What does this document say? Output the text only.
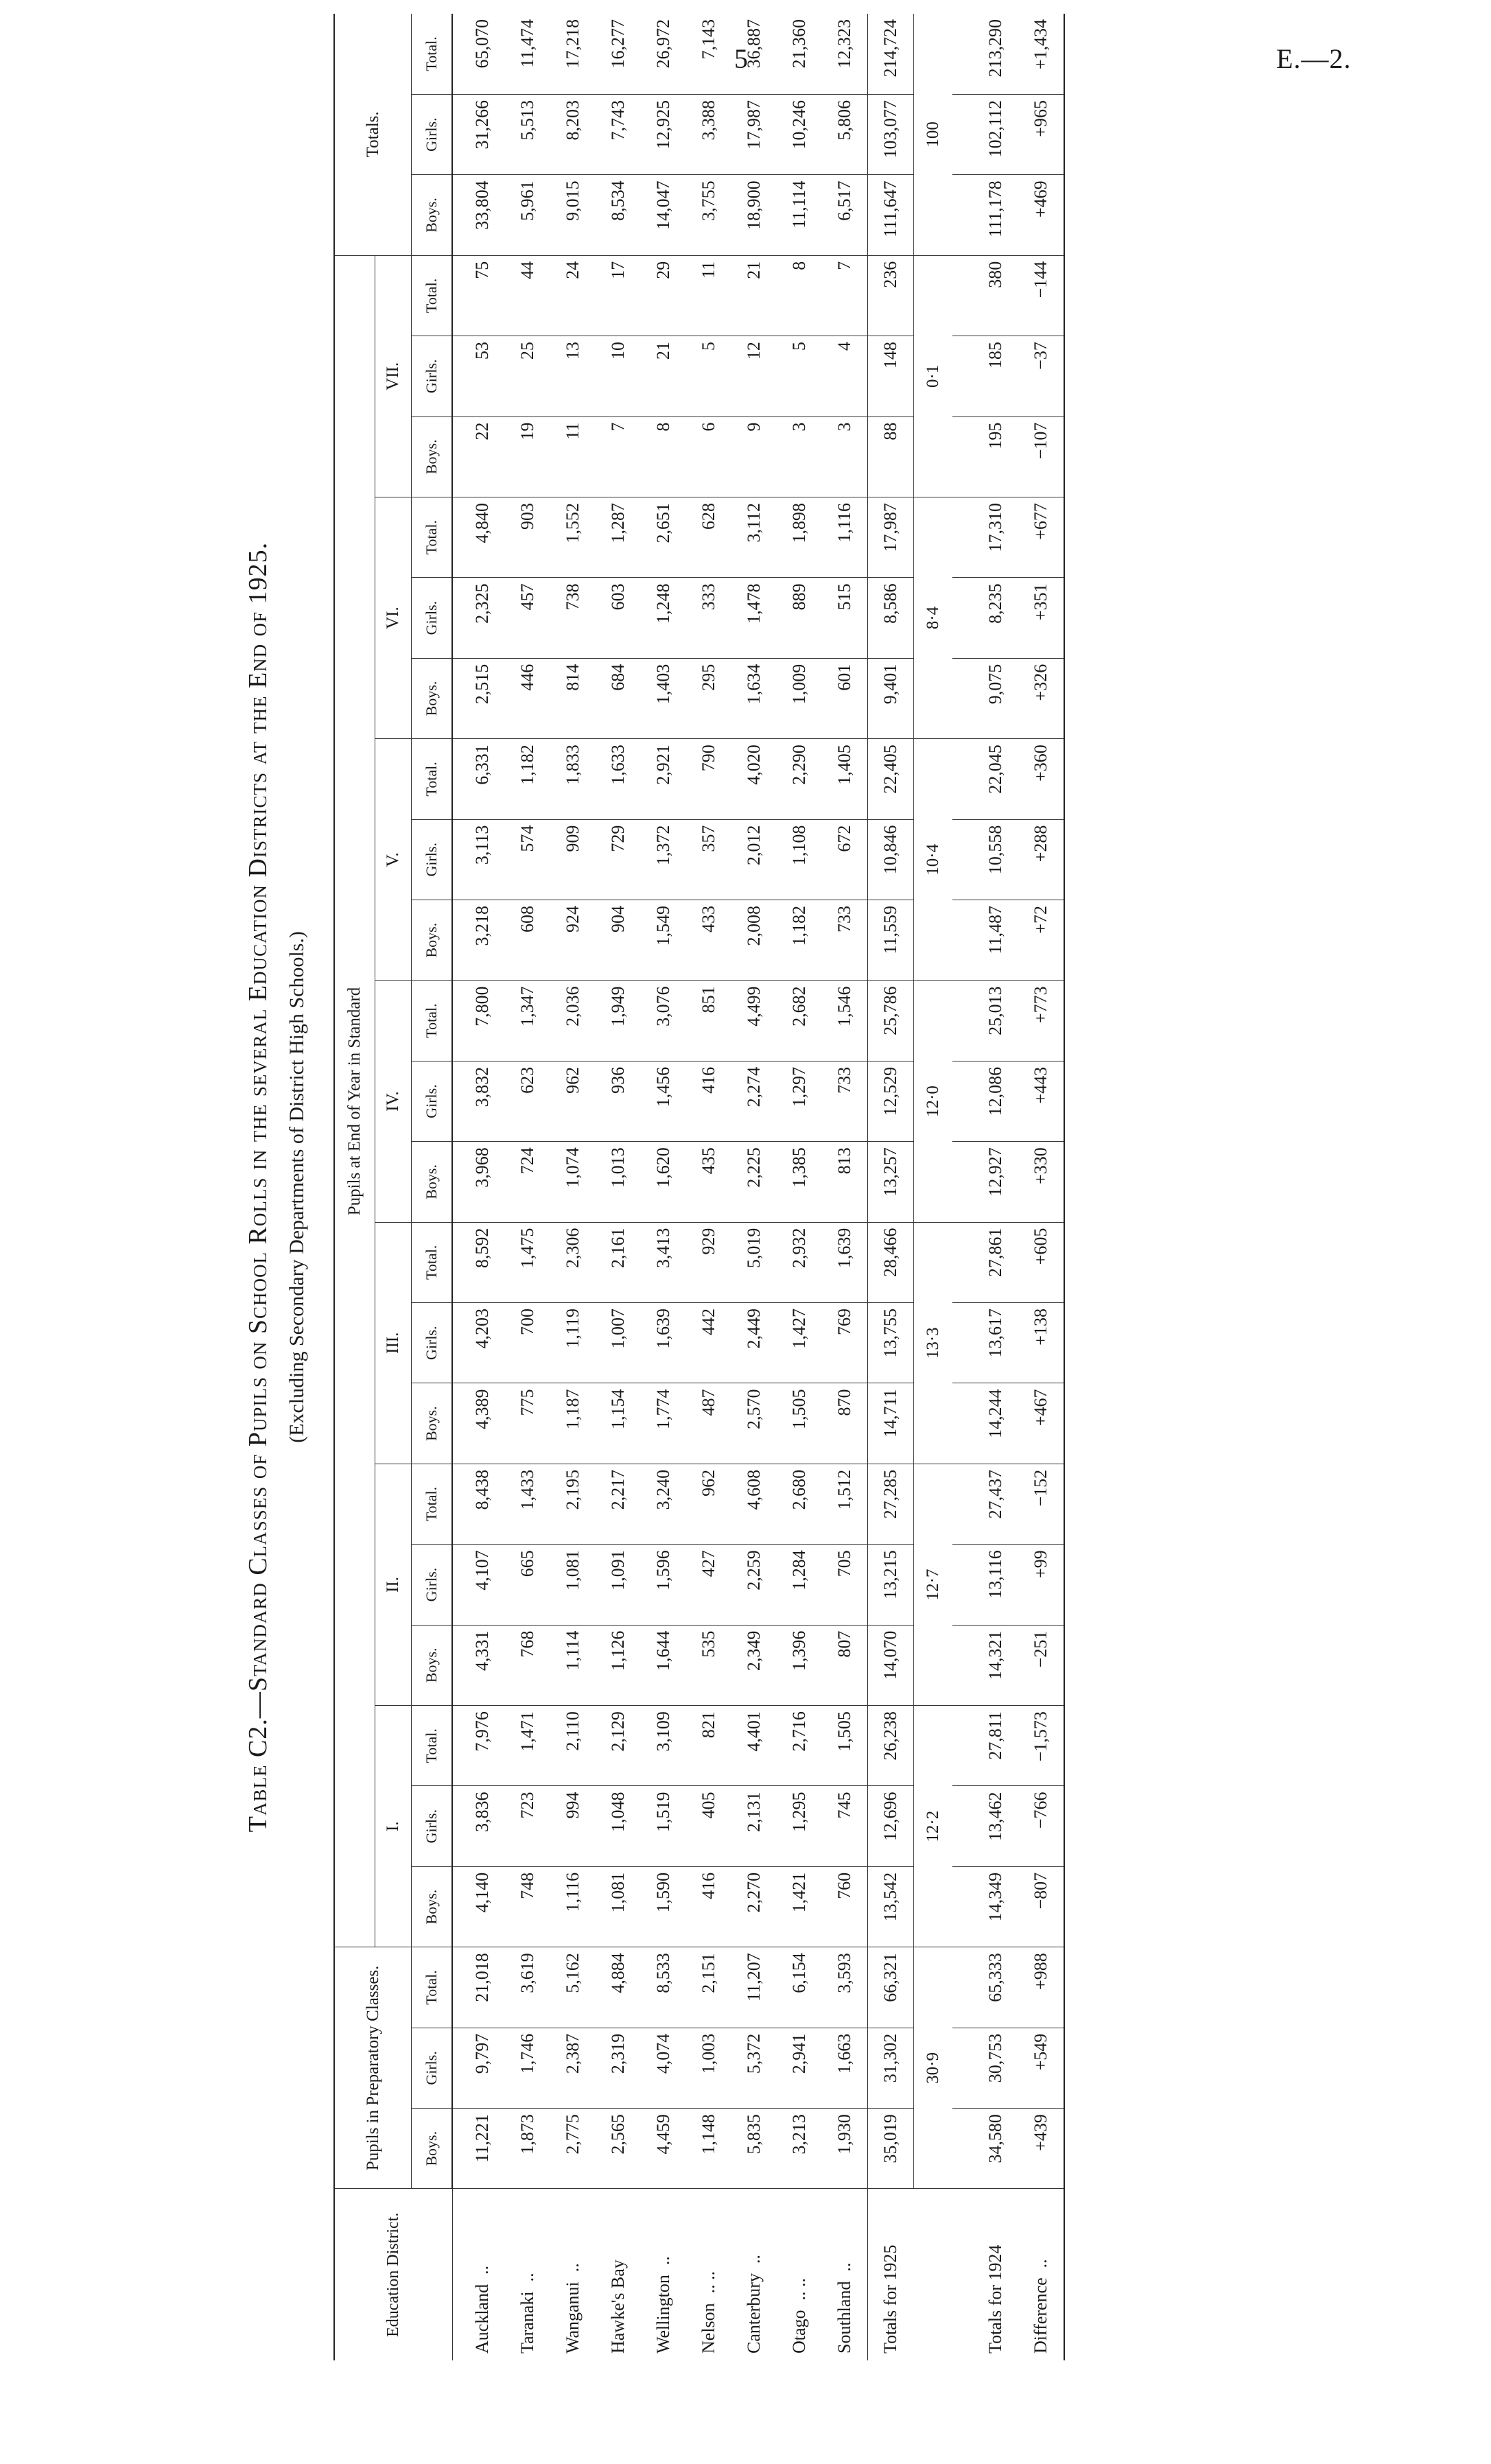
5	E.—2.
Table C2.—Standard Classes of Pupils on School Rolls in the several Education Districts at the End of 1925. (Excluding Secondary Departments of District High Schools.)
Education District.	Pupils in Preparatory Classes.			Pupils at End of Year in Standard																					Totals.		
				I.			II.			III.			IV.			V.			VI.			VII.					
	Boys.	Girls.	Total.	Boys.	Girls.	Total.	Boys.	Girls.	Total.	Boys.	Girls.	Total.	Boys.	Girls.	Total.	Boys.	Girls.	Total.	Boys.	Girls.	Total.	Boys.	Girls.	Total.	Boys.	Girls.	Total.
Auckland..	11,221	9,797	21,018	4,140	3,836	7,976	4,331	4,107	8,438	4,389	4,203	8,592	3,968	3,832	7,800	3,218	3,113	6,331	2,515	2,325	4,840	22	53	75	33,804	31,266	65,070
Taranaki..	1,873	1,746	3,619	748	723	1,471	768	665	1,433	775	700	1,475	724	623	1,347	608	574	1,182	446	457	903	19	25	44	5,961	5,513	11,474
Wanganui..	2,775	2,387	5,162	1,116	994	2,110	1,114	1,081	2,195	1,187	1,119	2,306	1,074	962	2,036	924	909	1,833	814	738	1,552	11	13	24	9,015	8,203	17,218
Hawke's Bay	2,565	2,319	4,884	1,081	1,048	2,129	1,126	1,091	2,217	1,154	1,007	2,161	1,013	936	1,949	904	729	1,633	684	603	1,287	7	10	17	8,534	7,743	16,277
Wellington..	4,459	4,074	8,533	1,590	1,519	3,109	1,644	1,596	3,240	1,774	1,639	3,413	1,620	1,456	3,076	1,549	1,372	2,921	1,403	1,248	2,651	8	21	29	14,047	12,925	26,972
Nelson.. ..	1,148	1,003	2,151	416	405	821	535	427	962	487	442	929	435	416	851	433	357	790	295	333	628	6	5	11	3,755	3,388	7,143
Canterbury..	5,835	5,372	11,207	2,270	2,131	4,401	2,349	2,259	4,608	2,570	2,449	5,019	2,225	2,274	4,499	2,008	2,012	4,020	1,634	1,478	3,112	9	12	21	18,900	17,987	36,887
Otago.. ..	3,213	2,941	6,154	1,421	1,295	2,716	1,396	1,284	2,680	1,505	1,427	2,932	1,385	1,297	2,682	1,182	1,108	2,290	1,009	889	1,898	3	5	8	11,114	10,246	21,360
Southland..	1,930	1,663	3,593	760	745	1,505	807	705	1,512	870	769	1,639	813	733	1,546	733	672	1,405	601	515	1,116	3	4	7	6,517	5,806	12,323
Totals for 1925	35,019	31,302	66,321	13,542	12,696	26,238	14,070	13,215	27,285	14,711	13,755	28,466	13,257	12,529	25,786	11,559	10,846	22,405	9,401	8,586	17,987	88	148	236	111,647	103,077	214,724
	30·9			12·2			12·7			13·3			12·0			10·4			8·4			0·1			100		

Totals for 1924	34,580	30,753	65,333	14,349	13,462	27,811	14,321	13,116	27,437	14,244	13,617	27,861	12,927	12,086	25,013	11,487	10,558	22,045	9,075	8,235	17,310	195	185	380	111,178	102,112	213,290
Difference..	+439	+549	+988	−807	−766	−1,573	−251	+99	−152	+467	+138	+605	+330	+443	+773	+72	+288	+360	+326	+351	+677	−107	−37	−144	+469	+965	+1,434
